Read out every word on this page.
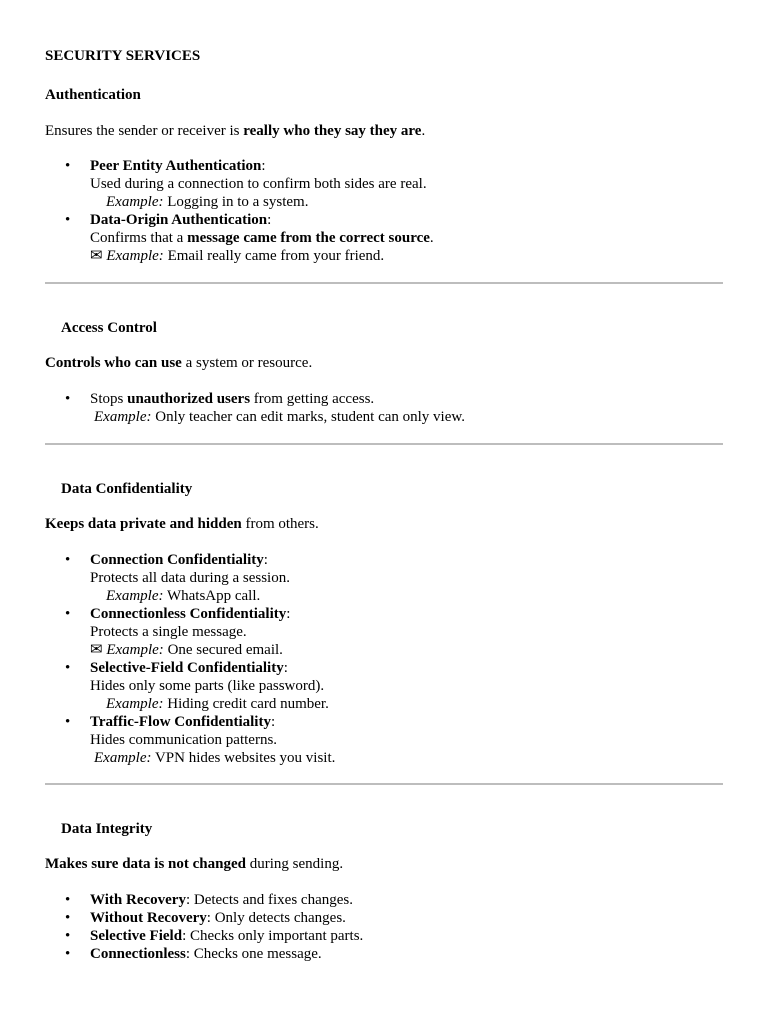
SECURITY SERVICES

Authentication

Ensures the sender or receiver is really who they say they are.

• Peer Entity Authentication:
Used during a connection to confirm both sides are real.
Example: Logging in to a system.
• Data-Origin Authentication:
Confirms that a message came from the correct source.
✉ Example: Email really came from your friend.

Access Control

Controls who can use a system or resource.

• Stops unauthorized users from getting access.
Example: Only teacher can edit marks, student can only view.

Data Confidentiality

Keeps data private and hidden from others.

• Connection Confidentiality:
Protects all data during a session.
Example: WhatsApp call.
• Connectionless Confidentiality:
Protects a single message.
✉ Example: One secured email.
• Selective-Field Confidentiality:
Hides only some parts (like password).
Example: Hiding credit card number.
• Traffic-Flow Confidentiality:
Hides communication patterns.
Example: VPN hides websites you visit.

Data Integrity

Makes sure data is not changed during sending.

• With Recovery: Detects and fixes changes.
• Without Recovery: Only detects changes.
• Selective Field: Checks only important parts.
• Connectionless: Checks one message.
